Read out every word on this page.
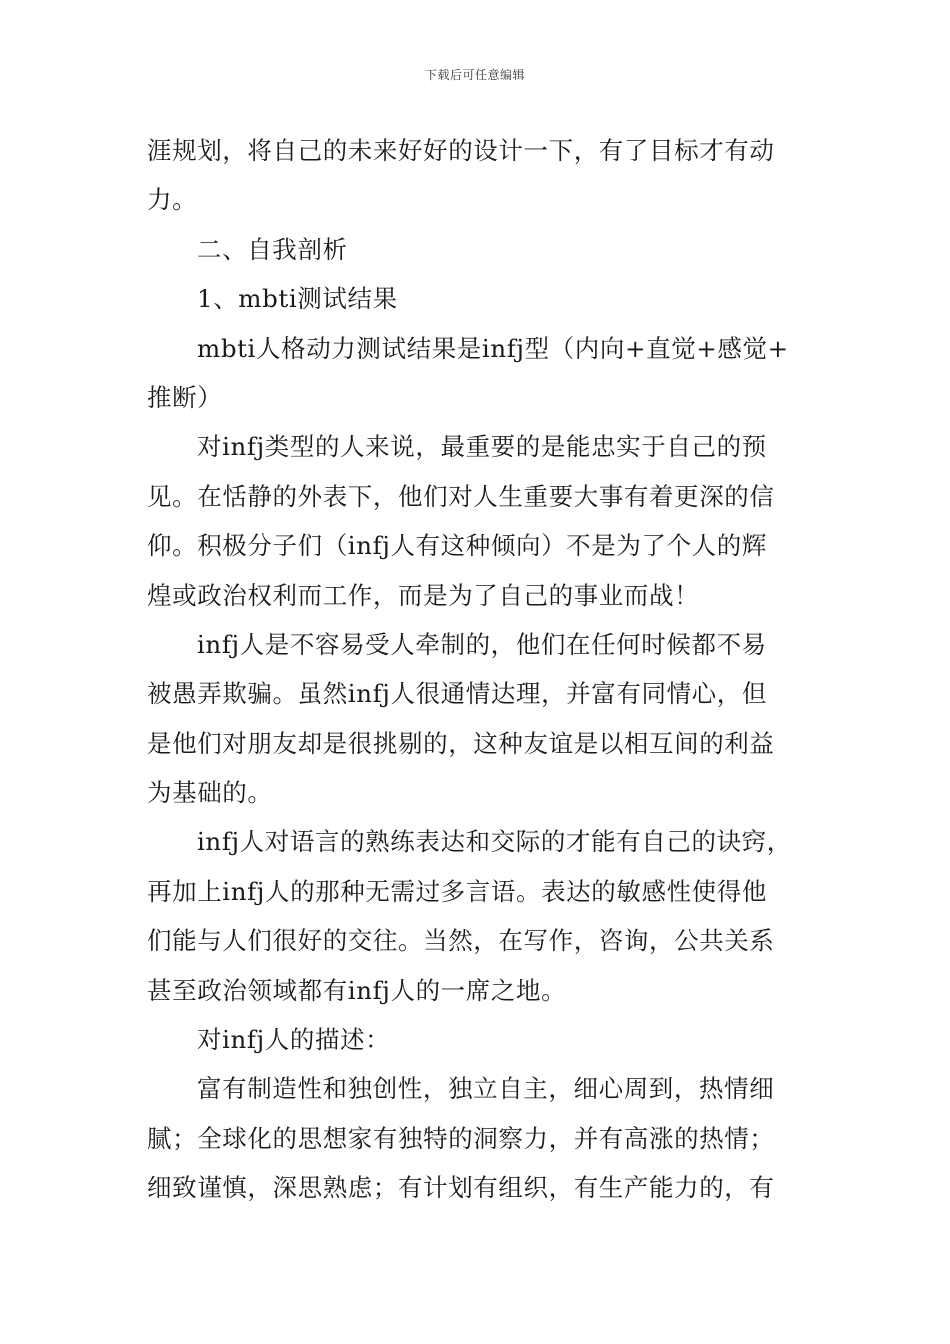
下载后可任意编辑
涯规划，将自己的未来好好的设计一下，有了目标才有动
力。
二、自我剖析
1、mbti测试结果
mbti人格动力测试结果是infj型（内向+直觉+感觉+
推断）
对infj类型的人来说，最重要的是能忠实于自己的预
见。在恬静的外表下，他们对人生重要大事有着更深的信
仰。积极分子们（infj人有这种倾向）不是为了个人的辉
煌或政治权利而工作，而是为了自己的事业而战！
infj人是不容易受人牵制的，他们在任何时候都不易
被愚弄欺骗。虽然infj人很通情达理，并富有同情心，但
是他们对朋友却是很挑剔的，这种友谊是以相互间的利益
为基础的。
infj人对语言的熟练表达和交际的才能有自己的诀窍，
再加上infj人的那种无需过多言语。表达的敏感性使得他
们能与人们很好的交往。当然，在写作，咨询，公共关系
甚至政治领域都有infj人的一席之地。
对infj人的描述：
富有制造性和独创性，独立自主，细心周到，热情细
腻；全球化的思想家有独特的洞察力，并有高涨的热情；
细致谨慎，深思熟虑；有计划有组织，有生产能力的，有
